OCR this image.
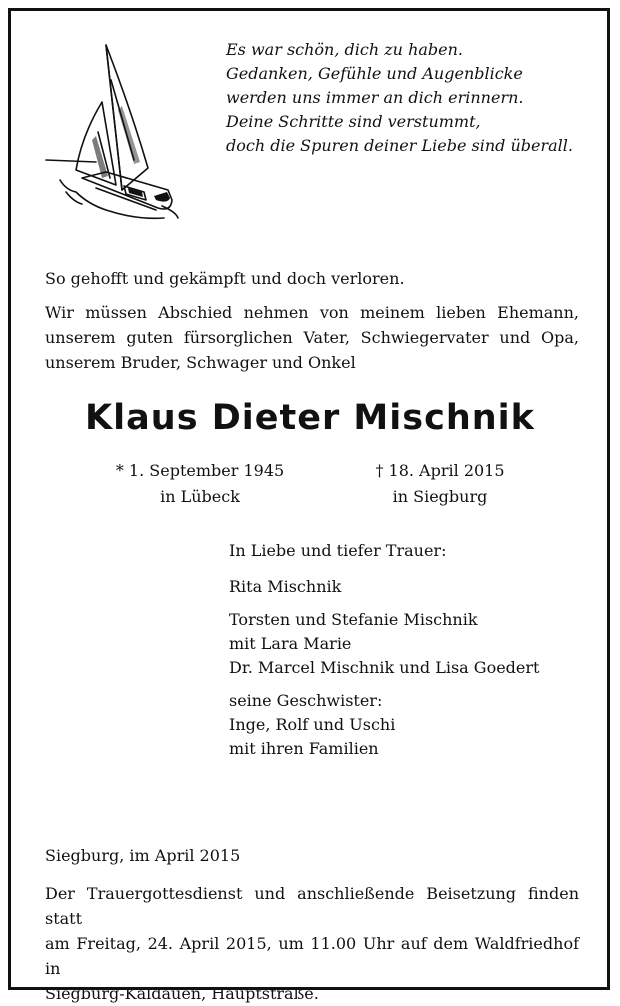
Es war schön, dich zu haben.
Gedanken, Gefühle und Augenblicke
werden uns immer an dich erinnern.
Deine Schritte sind verstummt,
doch die Spuren deiner Liebe sind überall.

So gehofft und gekämpft und doch verloren.

Wir müssen Abschied nehmen von meinem lieben Ehemann,
unserem guten fürsorglichen Vater, Schwiegervater und Opa,
unserem Bruder, Schwager und Onkel

Klaus Dieter Mischnik
* 1. September 1945
in Lübeck
† 18. April 2015
in Siegburg
In Liebe und tiefer Trauer:
Rita Mischnik
Torsten und Stefanie Mischnik
mit Lara Marie
Dr. Marcel Mischnik und Lisa Goedert
seine Geschwister:
Inge, Rolf und Uschi
mit ihren Familien
Siegburg, im April 2015
Der Trauergottesdienst und anschließende Beisetzung finden statt
am Freitag, 24. April 2015, um 11.00 Uhr auf dem Waldfriedhof in
Siegburg-Kaldauen, Hauptstraße.
